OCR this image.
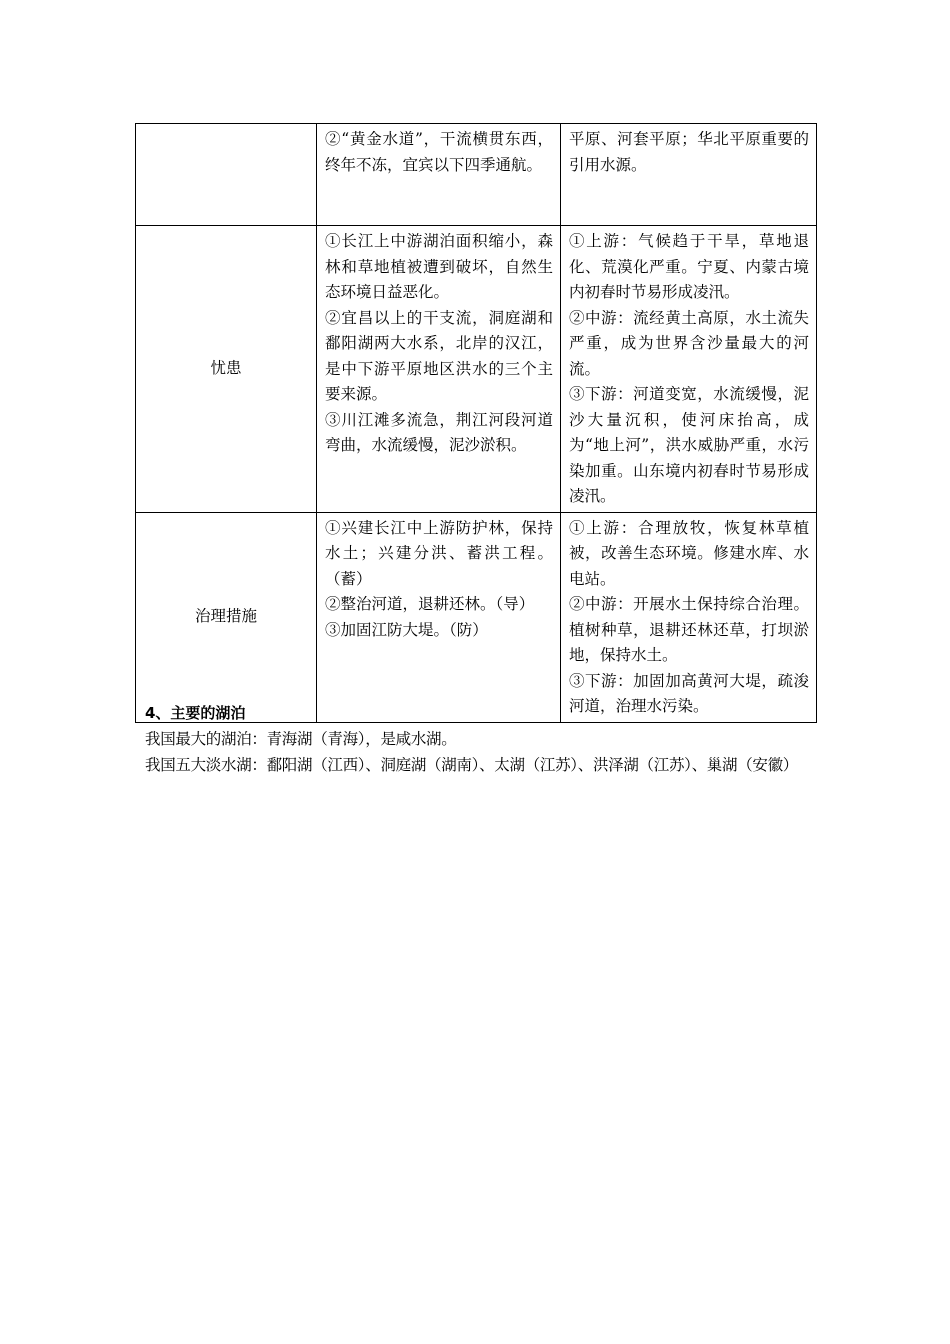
	②“黄金水道”，干流横贯东西，终年不冻，宜宾以下四季通航。	平原、河套平原；华北平原重要的引用水源。

忧患	①长江上中游湖泊面积缩小，森林和草地植被遭到破坏，自然生态环境日益恶化。
②宜昌以上的干支流，洞庭湖和鄱阳湖两大水系，北岸的汉江，是中下游平原地区洪水的三个主要来源。
③川江滩多流急，荆江河段河道弯曲，水流缓慢，泥沙淤积。	①上游：气候趋于干旱，草地退化、荒漠化严重。宁夏、内蒙古境内初春时节易形成凌汛。
②中游：流经黄土高原，水土流失严重，成为世界含沙量最大的河流。
③下游：河道变宽，水流缓慢，泥沙大量沉积，使河床抬高，成为“地上河”，洪水威胁严重，水污染加重。山东境内初春时节易形成凌汛。

治理措施	①兴建长江中上游防护林，保持水土；兴建分洪、蓄洪工程。（蓄）
②整治河道，退耕还林。（导）
③加固江防大堤。（防）	①上游：合理放牧，恢复林草植被，改善生态环境。修建水库、水电站。
②中游：开展水土保持综合治理。植树种草，退耕还林还草，打坝淤地，保持水土。
③下游：加固加高黄河大堤，疏浚河道，治理水污染。

4、主要的湖泊

我国最大的湖泊：青海湖（青海），是咸水湖。

我国五大淡水湖：鄱阳湖（江西）、洞庭湖（湖南）、太湖（江苏）、洪泽湖（江苏）、巢湖（安徽）
